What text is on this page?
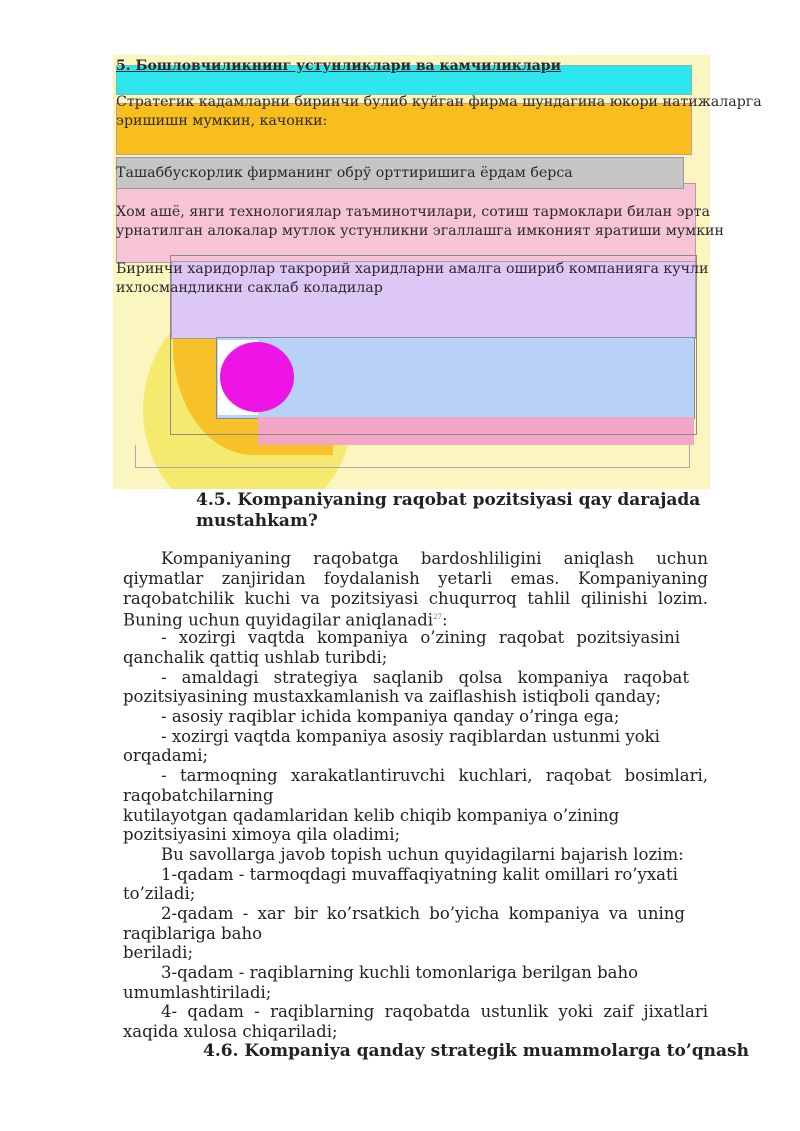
5. Бошловчиликнинг устунликлари ва камчиликлари
Стратегик кадамларни биринчи булиб куйган фирма шундагина юкори натижаларга
эришишн мумкин, качонки:
Ташаббускорлик фирманинг обрў орттиришига ёрдам берса
Хом ашё, янги технологиялар таъминотчилари, сотиш тармоклари билан эрта
урнатилган алокалар мутлок устунликни эгаллашга имконият яратиши мумкин
Биринчи харидорлар такрорий харидларни амалга ошириб компанияга кучли
ихлосмандликни саклаб коладилар
4.5. Kompaniyaning raqobat pozitsiyasi qay darajada
mustahkam?
Kompaniyaning raqobatga bardoshliligini aniqlash uchun
qiymatlar zanjiridan foydalanish yetarli emas. Kompaniyaning
raqobatchilik kuchi va pozitsiyasi chuqurroq tahlil qilinishi lozim.
Buning uchun quyidagilar aniqlanadi$^{27}$:
- xozirgi vaqtda kompaniya o’zining raqobat pozitsiyasini
qanchalik qattiq ushlab turibdi;
- amaldagi strategiya saqlanib qolsa kompaniya raqobat
pozitsiyasining mustaxkamlanish va zaiflashish istiqboli qanday;
- asosiy raqiblar ichida kompaniya qanday o’ringa ega;
- xozirgi vaqtda kompaniya asosiy raqiblardan ustunmi yoki
orqadami;
- tarmoqning xarakatlantiruvchi kuchlari, raqobat bosimlari,
raqobatchilarning
kutilayotgan qadamlaridan kelib chiqib kompaniya o’zining
pozitsiyasini ximoya qila oladimi;
Bu savollarga javob topish uchun quyidagilarni bajarish lozim:
1-qadam - tarmoqdagi muvaffaqiyatning kalit omillari ro’yxati
to’ziladi;
2-qadam - xar bir ko’rsatkich bo’yicha kompaniya va uning
raqiblariga baho
beriladi;
3-qadam - raqiblarning kuchli tomonlariga berilgan baho
umumlashtiriladi;
4- qadam - raqiblarning raqobatda ustunlik yoki zaif jixatlari
xaqida xulosa chiqariladi;
4.6. Kompaniya qanday strategik muammolarga to’qnash
